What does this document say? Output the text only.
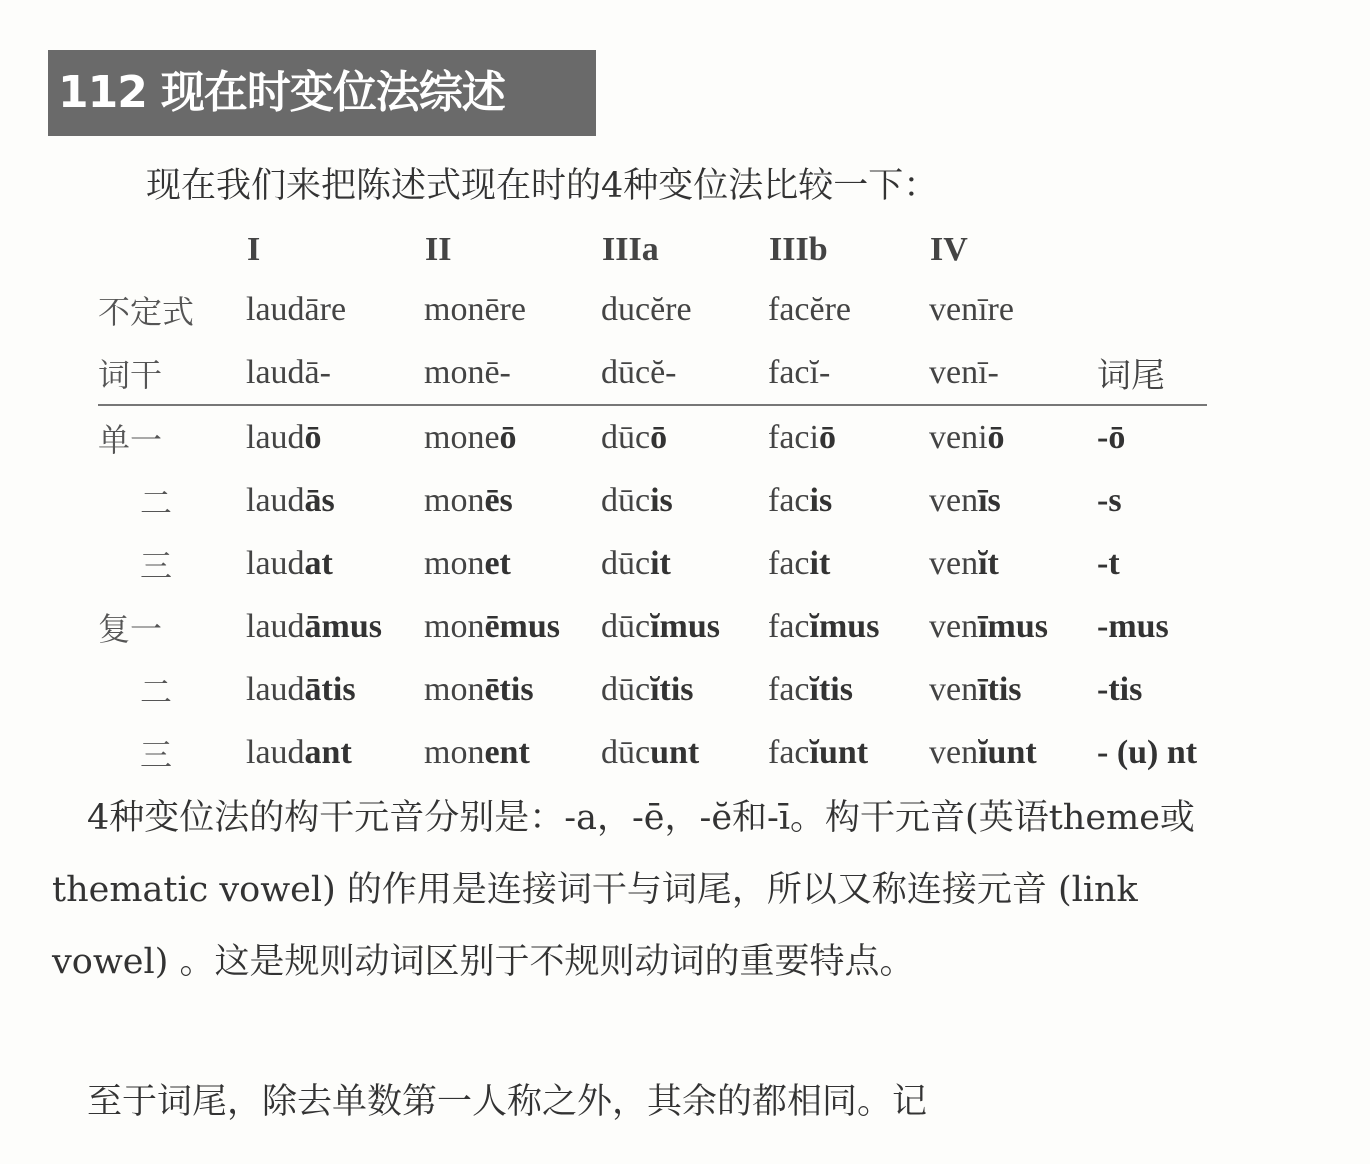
112 现在时变位法综述
现在我们来把陈述式现在时的4种变位法比较一下：
	I	II	IIIa	IIIb	IV	
不定式	laudāre	monēre	ducĕre	facĕre	venīre	
词干	laudā-	monē-	dūcĕ-	facĭ-	venī-	词尾
单一	laudō	moneō	dūcō	faciō	veniō	-ō
二	laudās	monēs	dūcis	facis	venīs	-s
三	laudat	monet	dūcit	facit	venĭt	-t
复一	laudāmus	monēmus	dūcĭmus	facĭmus	venīmus	-mus
二	laudātis	monētis	dūcĭtis	facĭtis	venītis	-tis
三	laudant	monent	dūcunt	facĭunt	venĭunt	- (u) nt
　4种变位法的构干元音分别是：-a，-ē，-ĕ和-ī。构干元音(英语theme或thematic vowel) 的作用是连接词干与词尾，所以又称连接元音 (link vowel) 。这是规则动词区别于不规则动词的重要特点。
　至于词尾，除去单数第一人称之外，其余的都相同。记
